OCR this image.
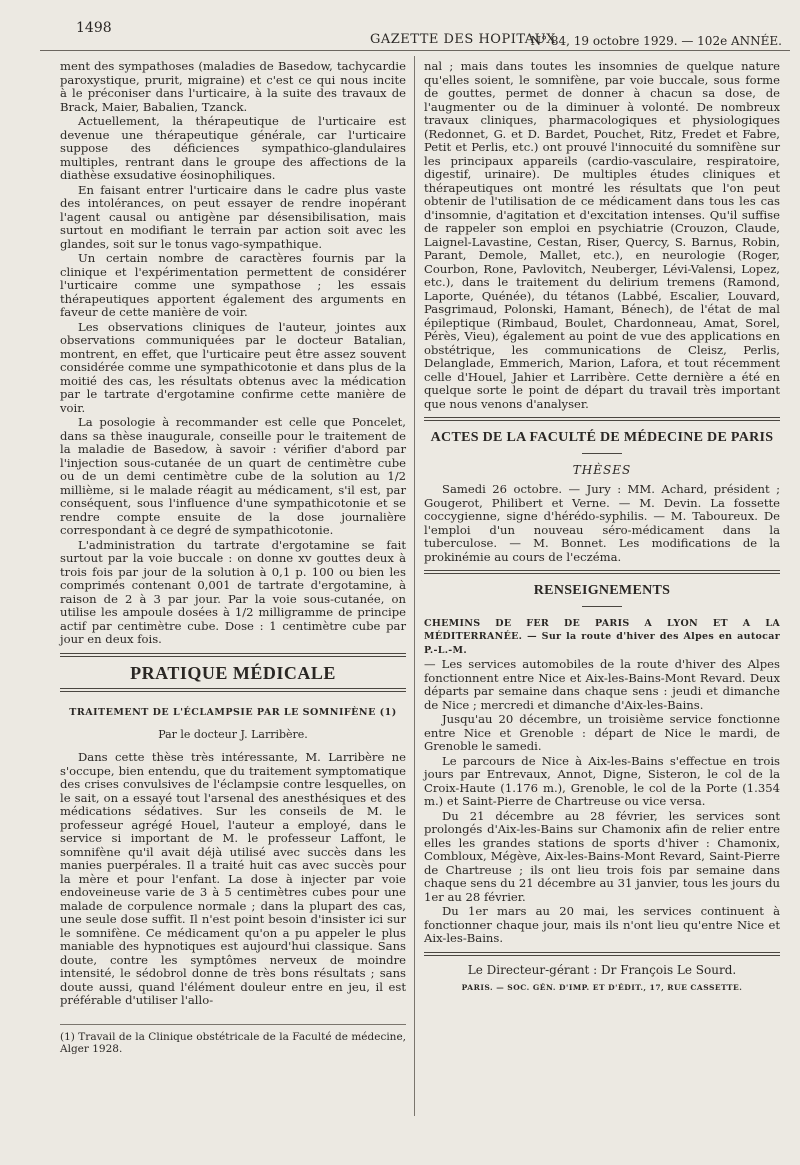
1498
GAZETTE DES HOPITAUX
N° 84, 19 octobre 1929. — 102e ANNÉE.

ment des sympathoses (maladies de Basedow, tachycardie paroxystique, prurit, migraine) et c'est ce qui nous incite à le préconiser dans l'urticaire, à la suite des travaux de Brack, Maier, Babalien, Tzanck.

Actuellement, la thérapeutique de l'urticaire est devenue une thérapeutique générale, car l'urticaire suppose des déficiences sympathico-glandulaires multiples, rentrant dans le groupe des affections de la diathèse exsudative éosinophiliques.

En faisant entrer l'urticaire dans le cadre plus vaste des intolérances, on peut essayer de rendre inopérant l'agent causal ou antigène par désensibilisation, mais surtout en modifiant le terrain par action soit avec les glandes, soit sur le tonus vago-sympathique.

Un certain nombre de caractères fournis par la clinique et l'expérimentation permettent de considérer l'urticaire comme une sympathose ; les essais thérapeutiques apportent également des arguments en faveur de cette manière de voir.

Les observations cliniques de l'auteur, jointes aux observations communiquées par le docteur Batalian, montrent, en effet, que l'urticaire peut être assez souvent considérée comme une sympathicotonie et dans plus de la moitié des cas, les résultats obtenus avec la médication par le tartrate d'ergotamine confirme cette manière de voir.

La posologie à recommander est celle que Poncelet, dans sa thèse inaugurale, conseille pour le traitement de la maladie de Basedow, à savoir : vérifier d'abord par l'injection sous-cutanée de un quart de centimètre cube ou de un demi centimètre cube de la solution au 1/2 millième, si le malade réagit au médicament, s'il est, par conséquent, sous l'influence d'une sympathicotonie et se rendre compte ensuite de la dose journalière correspondant à ce degré de sympathicotonie.

L'administration du tartrate d'ergotamine se fait surtout par la voie buccale : on donne xv gouttes deux à trois fois par jour de la solution à 0,1 p. 100 ou bien les comprimés contenant 0,001 de tartrate d'ergotamine, à raison de 2 à 3 par jour. Par la voie sous-cutanée, on utilise les ampoule dosées à 1/2 milligramme de principe actif par centimètre cube. Dose : 1 centimètre cube par jour en deux fois.

PRATIQUE MÉDICALE
TRAITEMENT DE L'ÉCLAMPSIE PAR LE SOMNIFÈNE (1)
Par le docteur J. Larribère.

Dans cette thèse très intéressante, M. Larribère ne s'occupe, bien entendu, que du traitement symptomatique des crises convulsives de l'éclampsie contre lesquelles, on le sait, on a essayé tout l'arsenal des anesthésiques et des médications sédatives. Sur les conseils de M. le professeur agrégé Houel, l'auteur a employé, dans le service si important de M. le professeur Laffont, le somnifène qu'il avait déjà utilisé avec succès dans les manies puerpérales. Il a traité huit cas avec succès pour la mère et pour l'enfant. La dose à injecter par voie endoveineuse varie de 3 à 5 centimètres cubes pour une malade de corpulence normale ; dans la plupart des cas, une seule dose suffit. Il n'est point besoin d'insister ici sur le somnifène. Ce médicament qu'on a pu appeler le plus maniable des hypnotiques est aujourd'hui classique. Sans doute, contre les symptômes nerveux de moindre intensité, le sédobrol donne de très bons résultats ; sans doute aussi, quand l'élément douleur entre en jeu, il est préférable d'utiliser l'allo-

(1) Travail de la Clinique obstétricale de la Faculté de médecine, Alger 1928.

nal ; mais dans toutes les insomnies de quelque nature qu'elles soient, le somnifène, par voie buccale, sous forme de gouttes, permet de donner à chacun sa dose, de l'augmenter ou de la diminuer à volonté. De nombreux travaux cliniques, pharmacologiques et physiologiques (Redonnet, G. et D. Bardet, Pouchet, Ritz, Fredet et Fabre, Petit et Perlis, etc.) ont prouvé l'innocuité du somnifène sur les principaux appareils (cardio-vasculaire, respiratoire, digestif, urinaire). De multiples études cliniques et thérapeutiques ont montré les résultats que l'on peut obtenir de l'utilisation de ce médicament dans tous les cas d'insomnie, d'agitation et d'excitation intenses. Qu'il suffise de rappeler son emploi en psychiatrie (Crouzon, Claude, Laignel-Lavastine, Cestan, Riser, Quercy, S. Barnus, Robin, Parant, Demole, Mallet, etc.), en neurologie (Roger, Courbon, Rone, Pavlovitch, Neuberger, Lévi-Valensi, Lopez, etc.), dans le traitement du delirium tremens (Ramond, Laporte, Quénée), du tétanos (Labbé, Escalier, Louvard, Pasgrimaud, Polonski, Hamant, Bénech), de l'état de mal épileptique (Rimbaud, Boulet, Chardonneau, Amat, Sorel, Pérès, Vieu), également au point de vue des applications en obstétrique, les communications de Cleisz, Perlis, Delanglade, Emmerich, Marion, Lafora, et tout récemment celle d'Houel, Jahier et Larribère. Cette dernière a été en quelque sorte le point de départ du travail très important que nous venons d'analyser.

ACTES DE LA FACULTÉ DE MÉDECINE DE PARIS
THÈSES

Samedi 26 octobre. — Jury : MM. Achard, président ; Gougerot, Philibert et Verne. — M. Devin. La fossette coccygienne, signe d'hérédo-syphilis. — M. Taboureux. De l'emploi d'un nouveau séro-médicament dans la tuberculose. — M. Bonnet. Les modifications de la prokinémie au cours de l'eczéma.

RENSEIGNEMENTS

CHEMINS DE FER DE PARIS A LYON ET A LA MÉDITERRANÉE. — Sur la route d'hiver des Alpes en autocar P.-L.-M.

— Les services automobiles de la route d'hiver des Alpes fonctionnent entre Nice et Aix-les-Bains-Mont Revard. Deux départs par semaine dans chaque sens : jeudi et dimanche de Nice ; mercredi et dimanche d'Aix-les-Bains.

Jusqu'au 20 décembre, un troisième service fonctionne entre Nice et Grenoble : départ de Nice le mardi, de Grenoble le samedi.

Le parcours de Nice à Aix-les-Bains s'effectue en trois jours par Entrevaux, Annot, Digne, Sisteron, le col de la Croix-Haute (1.176 m.), Grenoble, le col de la Porte (1.354 m.) et Saint-Pierre de Chartreuse ou vice versa.

Du 21 décembre au 28 février, les services sont prolongés d'Aix-les-Bains sur Chamonix afin de relier entre elles les grandes stations de sports d'hiver : Chamonix, Combloux, Mégève, Aix-les-Bains-Mont Revard, Saint-Pierre de Chartreuse ; ils ont lieu trois fois par semaine dans chaque sens du 21 décembre au 31 janvier, tous les jours du 1er au 28 février.

Du 1er mars au 20 mai, les services continuent à fonctionner chaque jour, mais ils n'ont lieu qu'entre Nice et Aix-les-Bains.

Le Directeur-gérant : Dr François Le Sourd.
PARIS. — SOC. GÉN. D'IMP. ET D'ÉDIT., 17, RUE CASSETTE.
